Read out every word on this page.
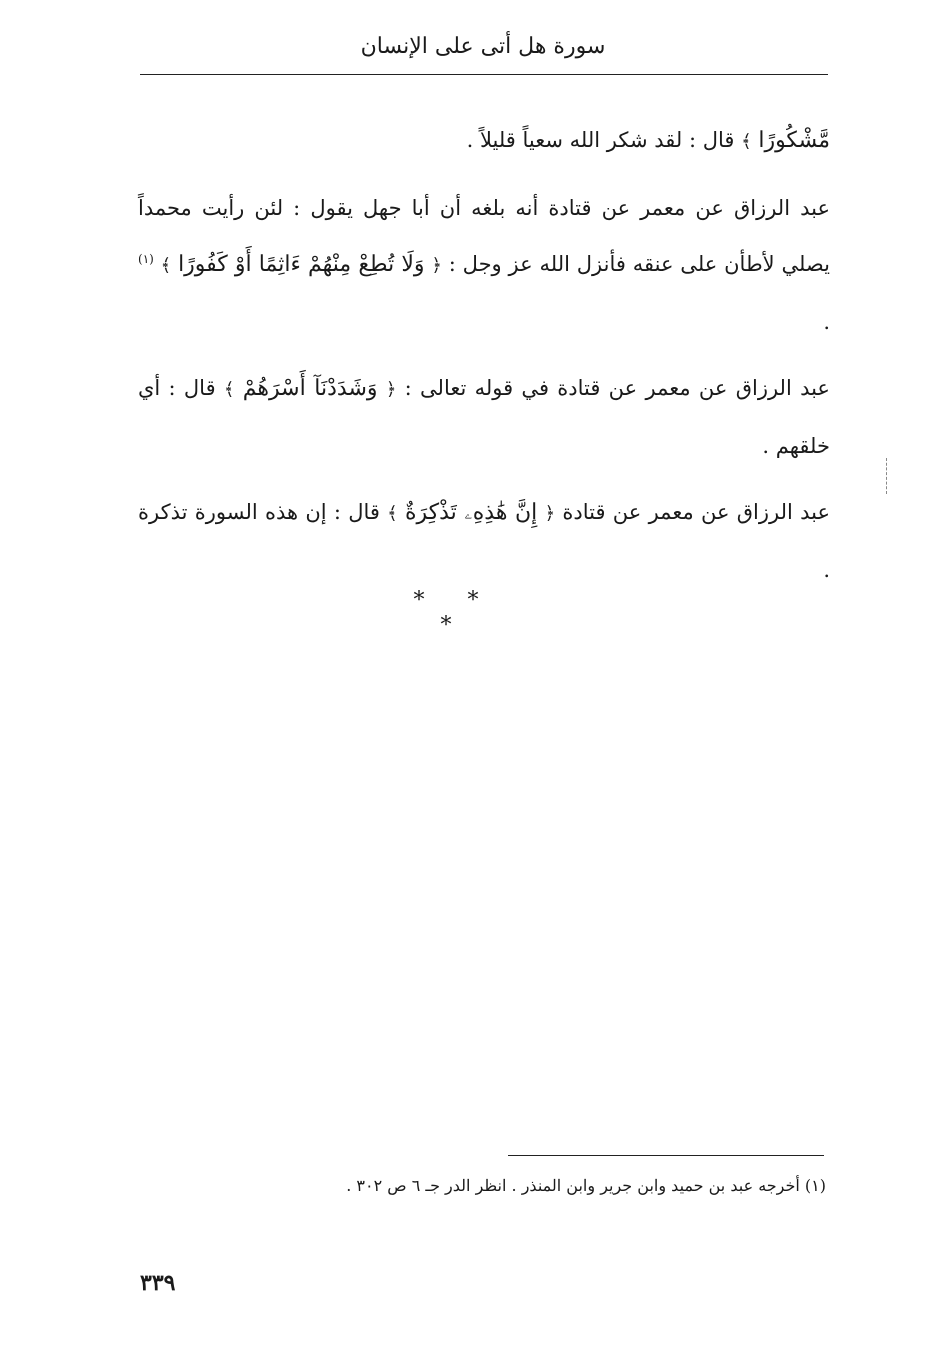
سورة هل أتى على الإنسان

مَّشْكُورًا ﴾ قال : لقد شكر الله سعياً قليلاً .

عبد الرزاق عن معمر عن قتادة أنه بلغه أن أبا جهل يقول : لئن رأيت محمداً يصلي لأطأن على عنقه فأنزل الله عز وجل : ﴿ وَلَا تُطِعْ مِنْهُمْ ءَاثِمًا أَوْ كَفُورًا ﴾ $^{(١)}$ .

عبد الرزاق عن معمر عن قتادة في قوله تعالى : ﴿ وَشَدَدْنَآ أَسْرَهُمْ ﴾ قال : أي خلقهم .

عبد الرزاق عن معمر عن قتادة ﴿ إِنَّ هَٰذِهِۦ تَذْكِرَةٌ ﴾ قال : إن هذه السورة تذكرة .

* * *
(١) أخرجه عبد بن حميد وابن جرير وابن المنذر . انظر الدر جـ ٦ ص ٣٠٢ .
٣٣٩
